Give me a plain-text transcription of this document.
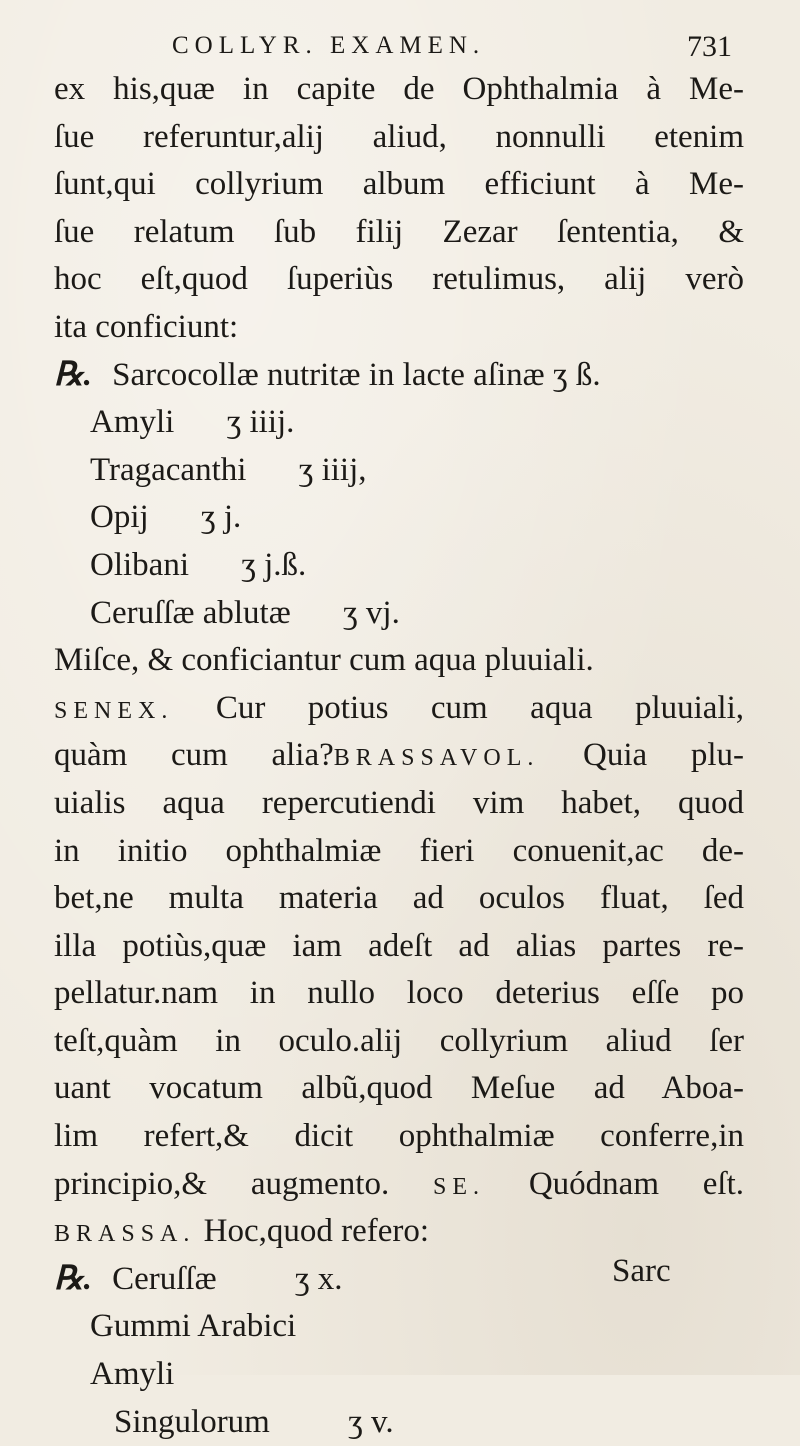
COLLYR. EXAMEN.	731
ex his,quæ in capite de Ophthalmia à Me-
ſue referuntur,alij aliud, nonnulli etenim
ſunt,qui collyrium album efficiunt à Me-
ſue relatum ſub filij Zezar ſententia, &
hoc eſt,quod ſuperiùs retulimus, alij verò
ita conficiunt:
℞. Sarcocollæ nutritæ in lacte aſinæ ʒ ß.
Amyli ʒ iiij.
Tragacanthi ʒ iiij,
Opij ʒ j.
Olibani ʒ j.ß.
Ceruſſæ ablutæ ʒ vj.
Miſce, & conficiantur cum aqua pluuiali.
SENEX. Cur potius cum aqua pluuiali,
quàm cum alia?BRASSAVOL. Quia plu-
uialis aqua repercutiendi vim habet, quod
in initio ophthalmiæ fieri conuenit,ac de-
bet,ne multa materia ad oculos fluat, ſed
illa potiùs,quæ iam adeſt ad alias partes re-
pellatur.nam in nullo loco deterius eſſe po
teſt,quàm in oculo.alij collyrium aliud ſer
uant vocatum albũ,quod Meſue ad Aboa-
lim refert,& dicit ophthalmiæ conferre,in
principio,& augmento. SE. Quódnam eſt.
BRASSA. Hoc,quod refero:
℞. Ceruſſæ ʒ x.
Gummi Arabici
Amyli
Singulorum ʒ v.
Sarc
